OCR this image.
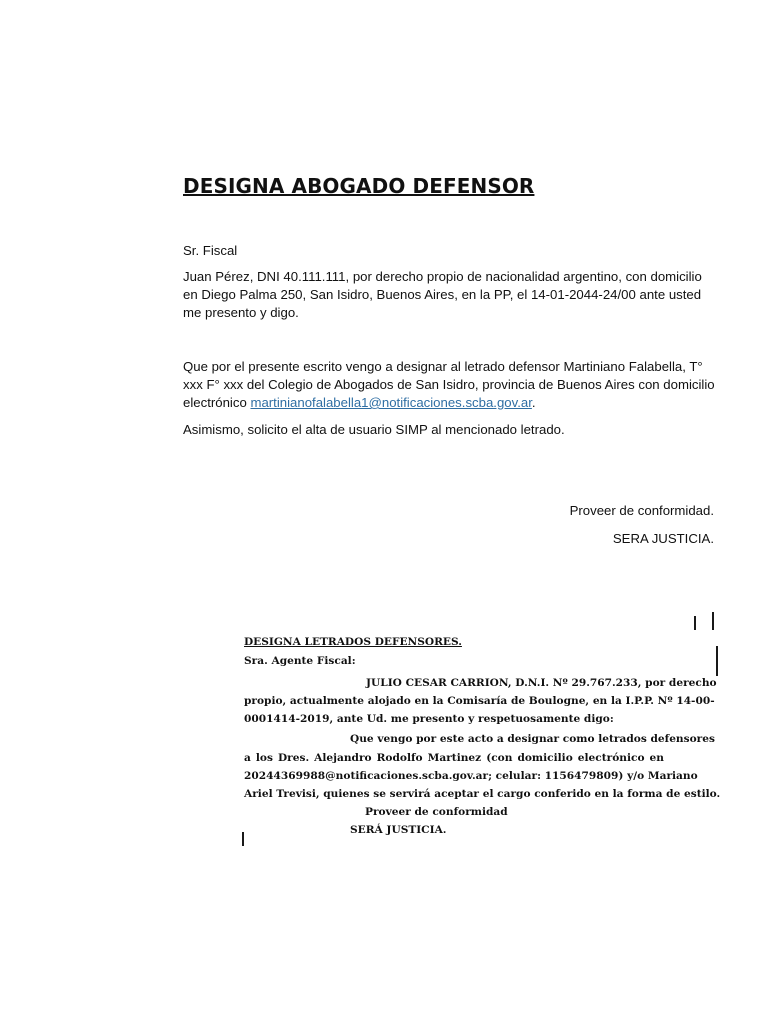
DESIGNA ABOGADO DEFENSOR

Sr. Fiscal

Juan Pérez, DNI 40.111.111, por derecho propio de nacionalidad argentino, con domicilio en Diego Palma 250, San Isidro, Buenos Aires, en la PP, el 14-01-2044-24/00 ante usted me presento y digo.

Que por el presente escrito vengo a designar al letrado defensor Martiniano Falabella, T° xxx F° xxx del Colegio de Abogados de San Isidro, provincia de Buenos Aires con domicilio electrónico martinianofalabella1@notificaciones.scba.gov.ar.

Asimismo, solicito el alta de usuario SIMP al mencionado letrado.

Proveer de conformidad.

SERA JUSTICIA.

DESIGNA LETRADOS DEFENSORES.
Sra. Agente Fiscal:
JULIO CESAR CARRION, D.N.I. Nº 29.767.233, por derecho
propio, actualmente alojado en la Comisaría de Boulogne, en la I.P.P. Nº 14-00-
0001414-2019, ante Ud. me presento y respetuosamente digo:
Que vengo por este acto a designar como letrados defensores
a los Dres. Alejandro Rodolfo Martinez (con domicilio electrónico en
20244369988@notificaciones.scba.gov.ar; celular: 1156479809) y/o Mariano
Ariel Trevisi, quienes se servirá aceptar el cargo conferido en la forma de estilo.
Proveer de conformidad
SERÁ JUSTICIA.
